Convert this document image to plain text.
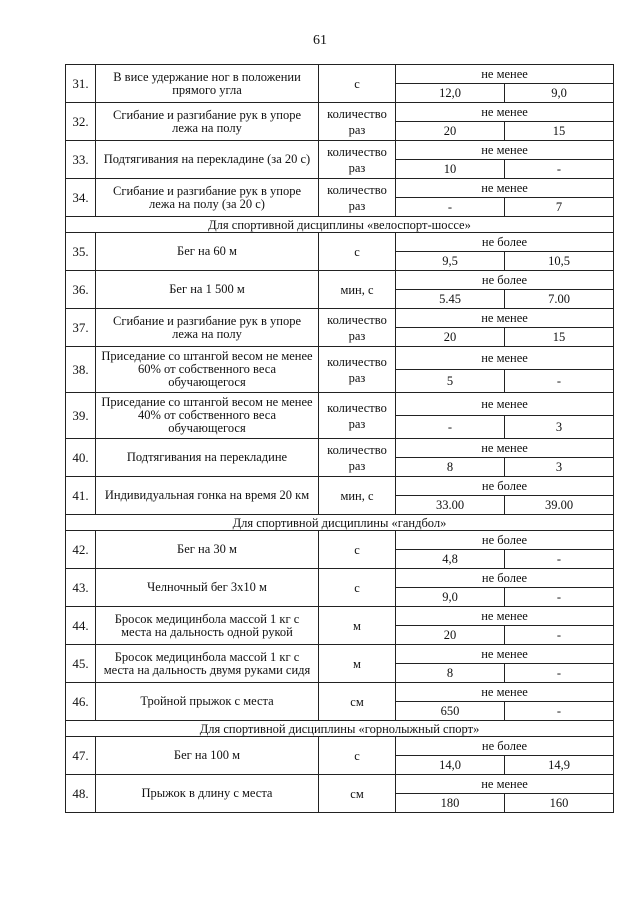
61
31.	В висе удержание ног в положении прямого угла	с	не менее	
			12,0	9,0
32.	Сгибание и разгибание рук в упоре лежа на полу	количество раз	не менее	
			20	15
33.	Подтягивания на перекладине (за 20 с)	количество раз	не менее	
			10	-
34.	Сгибание и разгибание рук в упоре лежа на полу (за 20 с)	количество раз	не менее	
			-	7
Для спортивной дисциплины «велоспорт-шоссе»				
35.	Бег на 60 м	с	не более	
			9,5	10,5
36.	Бег на 1 500 м	мин, с	не более	
			5.45	7.00
37.	Сгибание и разгибание рук в упоре лежа на полу	количество раз	не менее	
			20	15
38.	Приседание со штангой весом не менее 60% от собственного веса обучающегося	количество раз	не менее	
			5	-
39.	Приседание со штангой весом не менее 40% от собственного веса обучающегося	количество раз	не менее	
			-	3
40.	Подтягивания на перекладине	количество раз	не менее	
			8	3
41.	Индивидуальная гонка на время 20 км	мин, с	не более	
			33.00	39.00
Для спортивной дисциплины «гандбол»				
42.	Бег на 30 м	с	не более	
			4,8	-
43.	Челночный бег 3х10 м	с	не более	
			9,0	-
44.	Бросок медицинбола массой 1 кг с места на дальность одной рукой	м	не менее	
			20	-
45.	Бросок медицинбола массой 1 кг с места на дальность двумя руками сидя	м	не менее	
			8	-
46.	Тройной прыжок с места	см	не менее	
			650	-
Для спортивной дисциплины «горнолыжный спорт»				
47.	Бег на 100 м	с	не более	
			14,0	14,9
48.	Прыжок в длину с места	см	не менее	
			180	160
